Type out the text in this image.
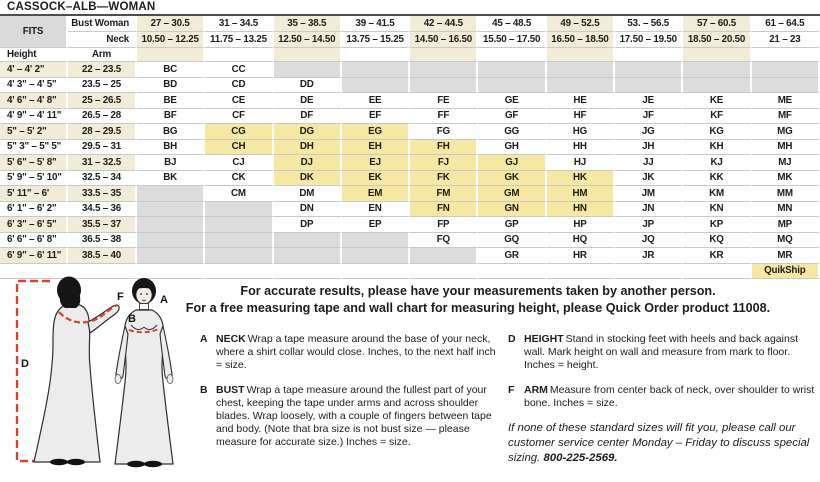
CASSOCK–ALB—WOMAN
FITS	Bust Woman	27 – 30.5	31 – 34.5	35 – 38.5	39 – 41.5	42 – 44.5	45 – 48.5	49 – 52.5	53. – 56.5	57 – 60.5	61 – 64.5
	Neck	10.50 – 12.25	11.75 – 13.25	12.50 – 14.50	13.75 – 15.25	14.50 – 16.50	15.50 – 17.50	16.50 – 18.50	17.50 – 19.50	18.50 – 20.50	21 – 23
Height	Arm										
4' – 4' 2"	22 – 23.5	BC	CC								
4' 3" – 4' 5"	23.5 – 25	BD	CD	DD							
4' 6" – 4' 8"	25 – 26.5	BE	CE	DE	EE	FE	GE	HE	JE	KE	ME
4' 9" – 4' 11"	26.5 – 28	BF	CF	DF	EF	FF	GF	HF	JF	KF	MF
5" – 5' 2"	28 – 29.5	BG	CG	DG	EG	FG	GG	HG	JG	KG	MG
5" 3" – 5" 5"	29.5 – 31	BH	CH	DH	EH	FH	GH	HH	JH	KH	MH
5' 6" – 5' 8"	31 – 32.5	BJ	CJ	DJ	EJ	FJ	GJ	HJ	JJ	KJ	MJ
5' 9" – 5' 10"	32.5 – 34	BK	CK	DK	EK	FK	GK	HK	JK	KK	MK
5' 11" – 6'	33.5 – 35		CM	DM	EM	FM	GM	HM	JM	KM	MM
6' 1" – 6' 2"	34.5 – 36			DN	EN	FN	GN	HN	JN	KN	MN
6' 3" – 6' 5"	35.5 – 37			DP	EP	FP	GP	HP	JP	KP	MP
6' 6" – 6' 8"	36.5 – 38					FQ	GQ	HQ	JQ	KQ	MQ
6' 9" – 6' 11"	38.5 – 40						GR	HR	JR	KR	MR
											QuikShip
D
F	A
B
For accurate results, please have your measurements taken by another person.
For a free measuring tape and wall chart for measuring height, please Quick Order product 11008.
A NECK Wrap a tape measure around the base of your neck, where a shirt collar would close. Inches, to the next half inch = size.

B BUST Wrap a tape measure around the fullest part of your chest, keeping the tape under arms and across shoulder blades. Wrap loosely, with a couple of fingers between tape and body. (Note that bra size is not bust size — please measure for accurate size.) Inches = size.

D HEIGHT Stand in stocking feet with heels and back against wall. Mark height on wall and measure from mark to floor. Inches = height.

F ARM Measure from center back of neck, over shoulder to wrist bone. Inches = size.

If none of these standard sizes will fit you, please call our customer service center Monday – Friday to discuss special sizing. 800-225-2569.
